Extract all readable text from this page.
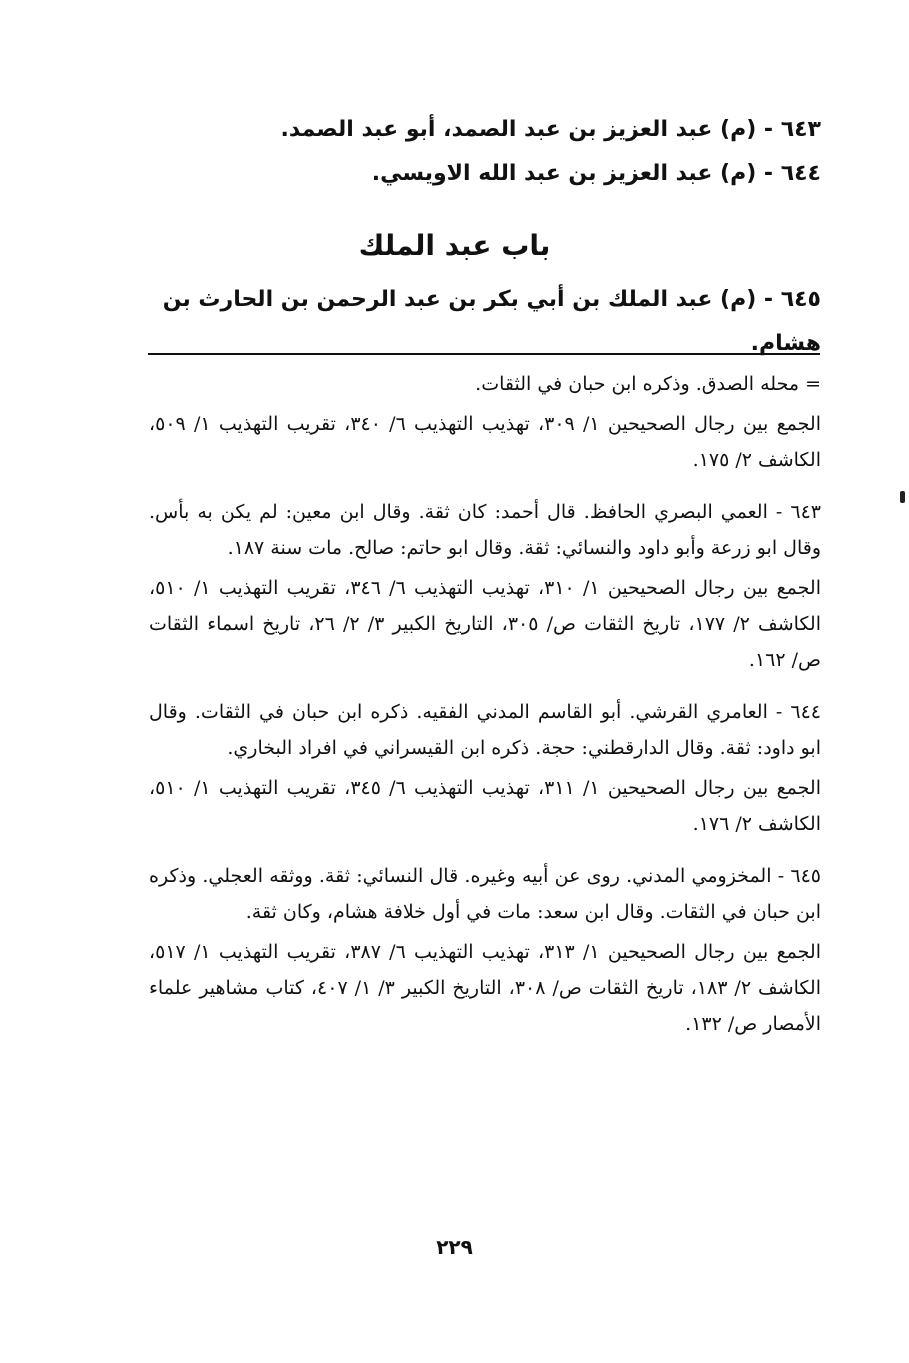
٦٤٣ - (م) عبد العزيز بن عبد الصمد، أبو عبد الصمد.

٦٤٤ - (م) عبد العزيز بن عبد الله الاويسي.

باب عبد الملك

٦٤٥ - (م) عبد الملك بن أبي بكر بن عبد الرحمن بن الحارث بن هشام.

= محله الصدق. وذكره ابن حبان في الثقات.

الجمع بين رجال الصحيحين ١/ ٣٠٩، تهذيب التهذيب ٦/ ٣٤٠، تقريب التهذيب ١/ ٥٠٩، الكاشف ٢/ ١٧٥.

٦٤٣ - العمي البصري الحافظ. قال أحمد: كان ثقة. وقال ابن معين: لم يكن به بأس. وقال ابو زرعة وأبو داود والنسائي: ثقة. وقال ابو حاتم: صالح. مات سنة ١٨٧.

الجمع بين رجال الصحيحين ١/ ٣١٠، تهذيب التهذيب ٦/ ٣٤٦، تقريب التهذيب ١/ ٥١٠، الكاشف ٢/ ١٧٧، تاريخ الثقات ص/ ٣٠٥، التاريخ الكبير ٣/ ٢/ ٢٦، تاريخ اسماء الثقات ص/ ١٦٢.

٦٤٤ - العامري القرشي. أبو القاسم المدني الفقيه. ذكره ابن حبان في الثقات. وقال ابو داود: ثقة. وقال الدارقطني: حجة. ذكره ابن القيسراني في افراد البخاري.

الجمع بين رجال الصحيحين ١/ ٣١١، تهذيب التهذيب ٦/ ٣٤٥، تقريب التهذيب ١/ ٥١٠، الكاشف ٢/ ١٧٦.

٦٤٥ - المخزومي المدني. روى عن أبيه وغيره. قال النسائي: ثقة. ووثقه العجلي. وذكره ابن حبان في الثقات. وقال ابن سعد: مات في أول خلافة هشام، وكان ثقة.

الجمع بين رجال الصحيحين ١/ ٣١٣، تهذيب التهذيب ٦/ ٣٨٧، تقريب التهذيب ١/ ٥١٧، الكاشف ٢/ ١٨٣، تاريخ الثقات ص/ ٣٠٨، التاريخ الكبير ٣/ ١/ ٤٠٧، كتاب مشاهير علماء الأمصار ص/ ١٣٢.

٢٢٩
